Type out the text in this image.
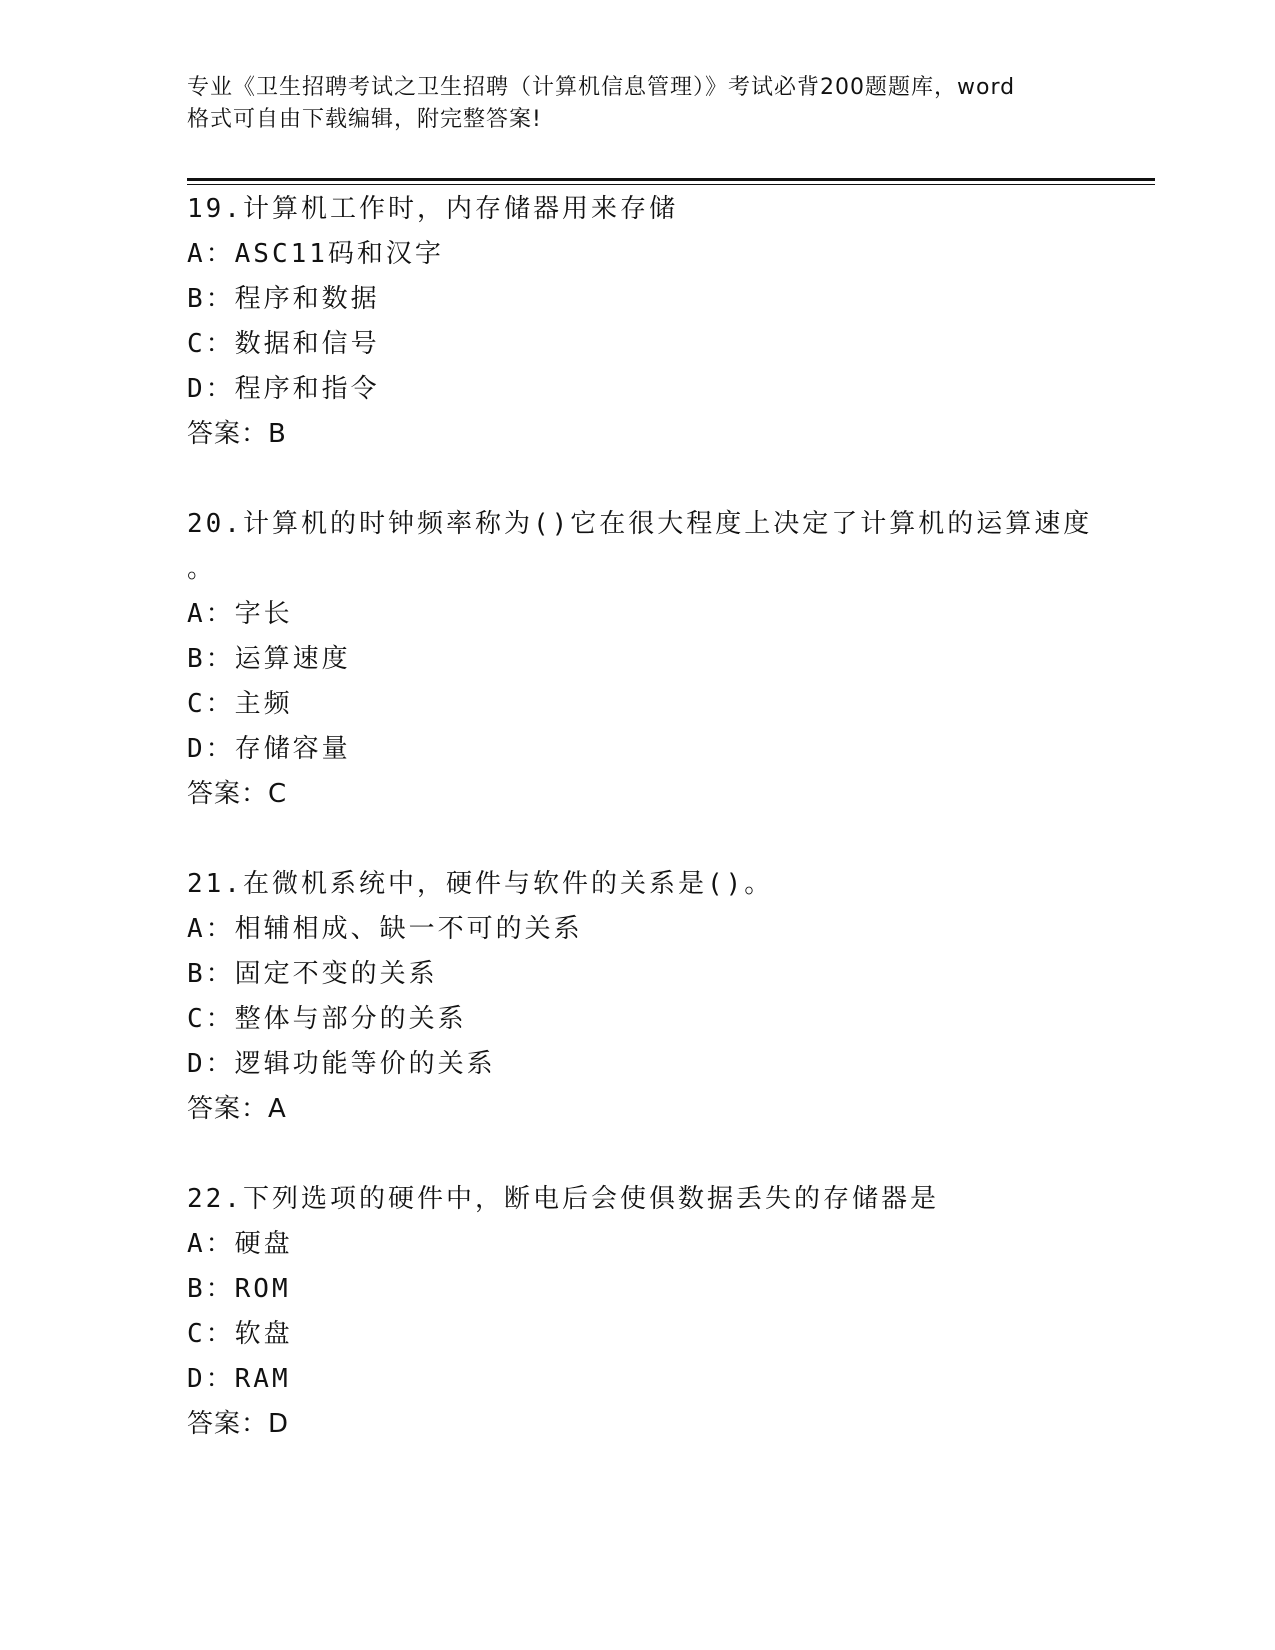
专业《卫生招聘考试之卫生招聘（计算机信息管理）》考试必背200题题库，word
格式可自由下载编辑，附完整答案!
19.计算机工作时，内存储器用来存储
A：ASC11码和汉字
B：程序和数据
C：数据和信号
D：程序和指令
答案：B
20.计算机的时钟频率称为()它在很大程度上决定了计算机的运算速度
。
A：字长
B：运算速度
C：主频
D：存储容量
答案：C
21.在微机系统中，硬件与软件的关系是()。
A：相辅相成、缺一不可的关系
B：固定不变的关系
C：整体与部分的关系
D：逻辑功能等价的关系
答案：A
22.下列选项的硬件中，断电后会使俱数据丢失的存储器是
A：硬盘
B：ROM
C：软盘
D：RAM
答案：D
